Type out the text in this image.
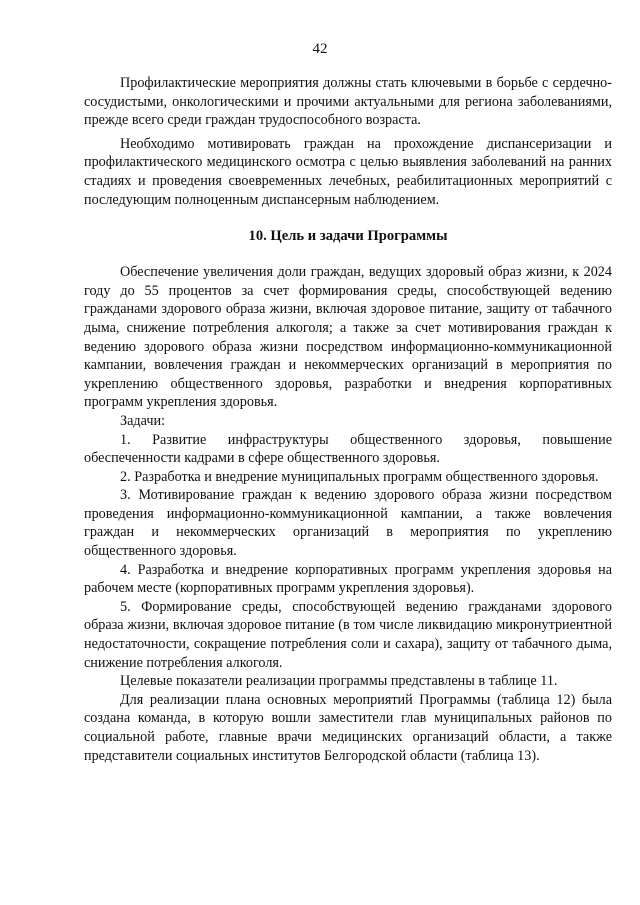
42

Профилактические мероприятия должны стать ключевыми в борьбе с сердечно-сосудистыми, онкологическими и прочими актуальными для региона заболеваниями, прежде всего среди граждан трудоспособного возраста.

Необходимо мотивировать граждан на прохождение диспансеризации и профилактического медицинского осмотра с целью выявления заболеваний на ранних стадиях и проведения своевременных лечебных, реабилитационных мероприятий с последующим полноценным диспансерным наблюдением.

10. Цель и задачи Программы

Обеспечение увеличения доли граждан, ведущих здоровый образ жизни, к 2024 году до 55 процентов за счет формирования среды, способствующей ведению гражданами здорового образа жизни, включая здоровое питание, защиту от табачного дыма, снижение потребления алкоголя; а также за счет мотивирования граждан к ведению здорового образа жизни посредством информационно-коммуникационной кампании, вовлечения граждан и некоммерческих организаций в мероприятия по укреплению общественного здоровья, разработки и внедрения корпоративных программ укрепления здоровья.

Задачи:

1. Развитие инфраструктуры общественного здоровья, повышение обеспеченности кадрами в сфере общественного здоровья.

2. Разработка и внедрение муниципальных программ общественного здоровья.

3. Мотивирование граждан к ведению здорового образа жизни посредством проведения информационно-коммуникационной кампании, а также вовлечения граждан и некоммерческих организаций в мероприятия по укреплению общественного здоровья.

4. Разработка и внедрение корпоративных программ укрепления здоровья на рабочем месте (корпоративных программ укрепления здоровья).

5. Формирование среды, способствующей ведению гражданами здорового образа жизни, включая здоровое питание (в том числе ликвидацию микронутриентной недостаточности, сокращение потребления соли и сахара), защиту от табачного дыма, снижение потребления алкоголя.

Целевые показатели реализации программы представлены в таблице 11.

Для реализации плана основных мероприятий Программы (таблица 12) была создана команда, в которую вошли заместители глав муниципальных районов по социальной работе, главные врачи медицинских организаций области, а также представители социальных институтов Белгородской области (таблица 13).
